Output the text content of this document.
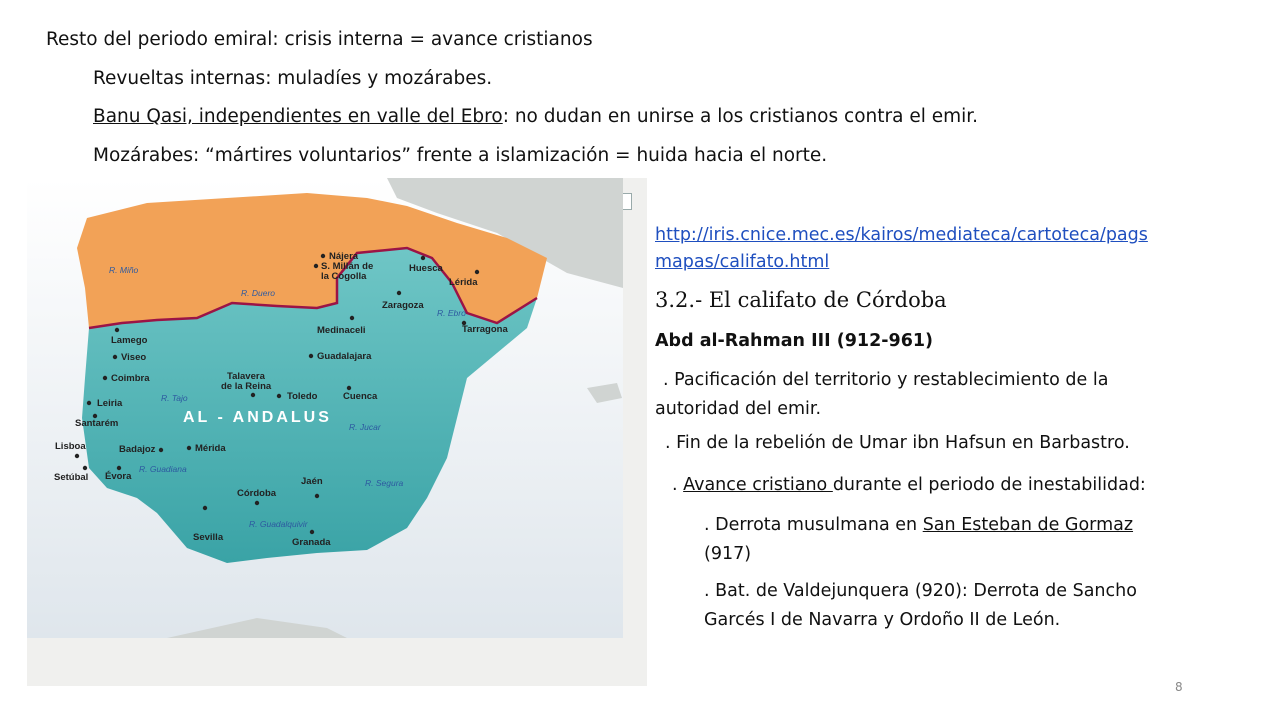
Resto del periodo emiral: crisis interna = avance cristianos
Revueltas internas: muladíes y mozárabes.
Banu Qasi, independientes en valle del Ebro: no dudan en unirse a los cristianos contra el emir.
Mozárabes: “mártires voluntarios” frente a islamización = huida hacia el norte.
Nájera
S. Millán de
la Cogolla
Huesca
Lérida
Zaragoza
Tarragona
Medinaceli
Guadalajara
Lamego
Viseo
Coimbra
Leiria
Talavera
de la Reina
Toledo	Cuenca
Santarém
Lisboa
Setúbal Évora
Badajoz	Mérida
Córdoba
Jaén
Sevilla	Granada
R. Miño
R. Duero
R. Ebro
R. Tajo
R. Jucar
R. Guadiana
R. Segura
R. Guadalquivir
AL - ANDALUS
http://iris.cnice.mec.es/kairos/mediateca/cartoteca/pags
mapas/califato.html
3.2.- El califato de Córdoba
Abd al-Rahman III (912-961)
. Pacificación del territorio y restablecimiento de la
autoridad del emir.
. Fin de la rebelión de Umar ibn Hafsun en Barbastro.
. Avance cristiano durante el periodo de inestabilidad:
. Derrota musulmana en San Esteban de Gormaz
(917)
. Bat. de Valdejunquera (920): Derrota de Sancho
Garcés I de Navarra y Ordoño II de León.
8
